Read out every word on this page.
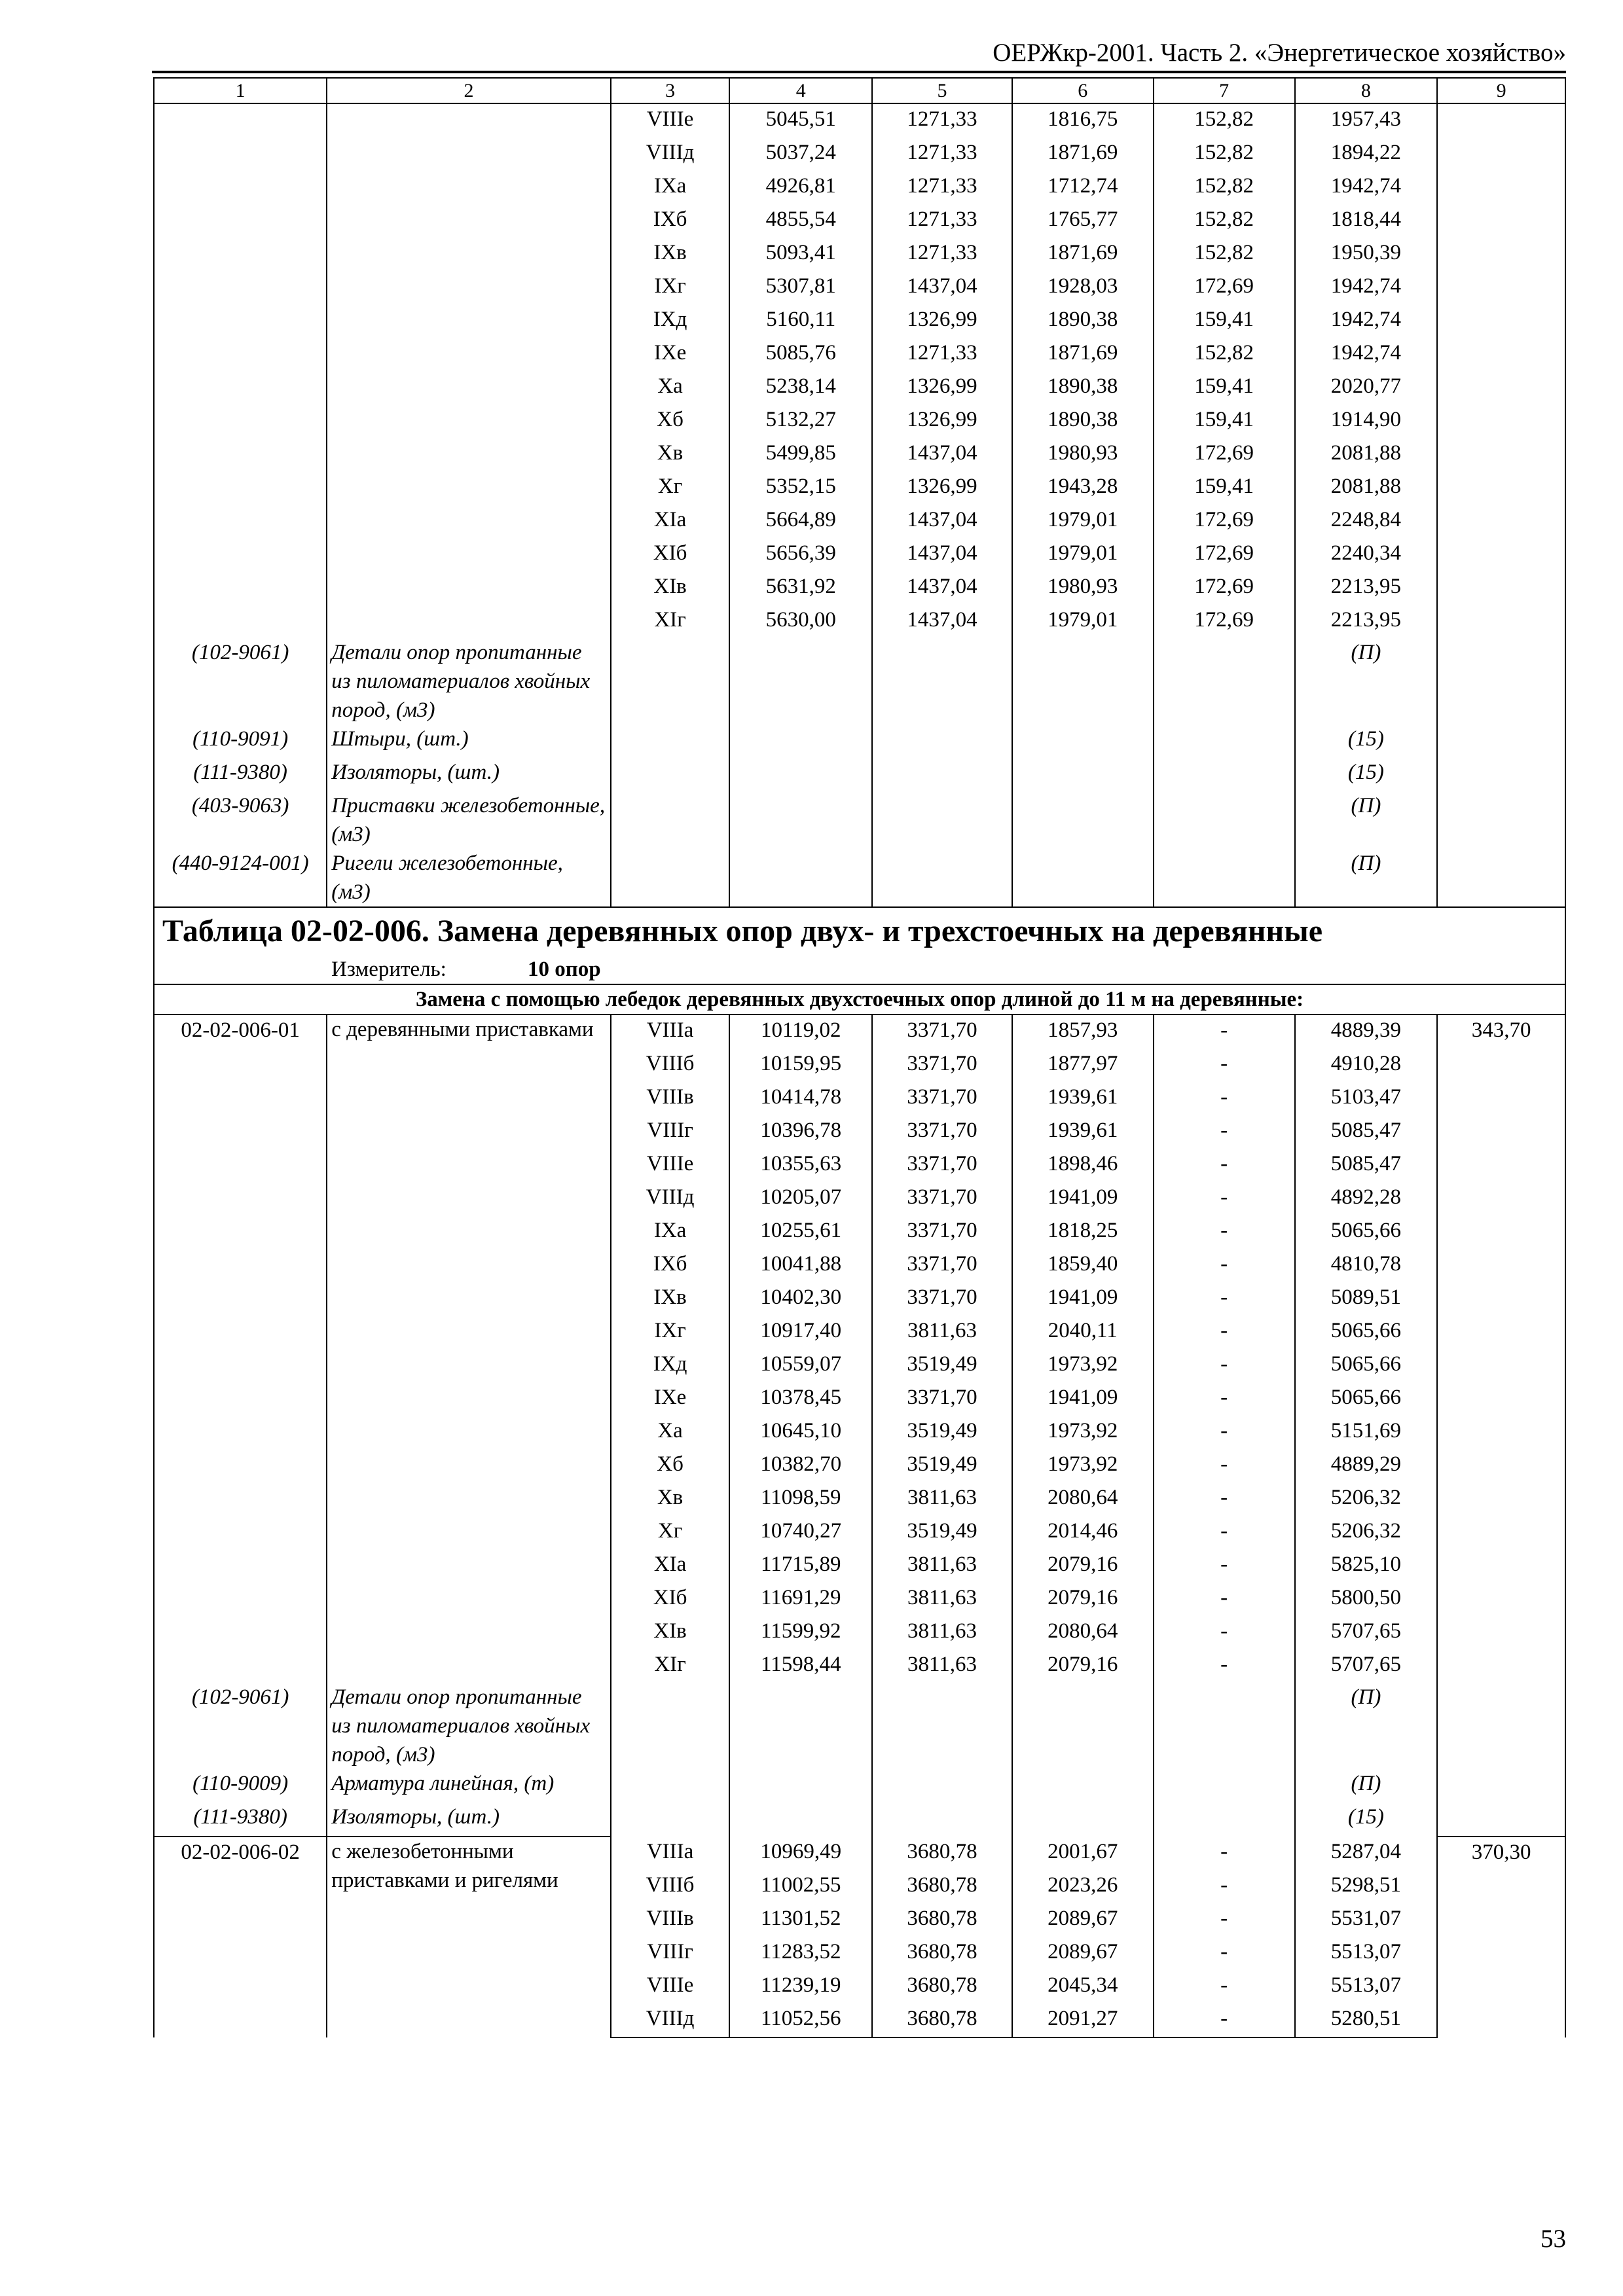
ОЕРЖкр-2001. Часть 2. «Энергетическое хозяйство»
1	2	3	4	5	6	7	8	9
		VIIIе	5045,51	1271,33	1816,75	152,82	1957,43	
		VIIIд	5037,24	1271,33	1871,69	152,82	1894,22	
		IXа	4926,81	1271,33	1712,74	152,82	1942,74	
		IXб	4855,54	1271,33	1765,77	152,82	1818,44	
		IXв	5093,41	1271,33	1871,69	152,82	1950,39	
		IXг	5307,81	1437,04	1928,03	172,69	1942,74	
		IXд	5160,11	1326,99	1890,38	159,41	1942,74	
		IXе	5085,76	1271,33	1871,69	152,82	1942,74	
		Xа	5238,14	1326,99	1890,38	159,41	2020,77	
		Xб	5132,27	1326,99	1890,38	159,41	1914,90	
		Xв	5499,85	1437,04	1980,93	172,69	2081,88	
		Xг	5352,15	1326,99	1943,28	159,41	2081,88	
		XIа	5664,89	1437,04	1979,01	172,69	2248,84	
		XIб	5656,39	1437,04	1979,01	172,69	2240,34	
		XIв	5631,92	1437,04	1980,93	172,69	2213,95	
		XIг	5630,00	1437,04	1979,01	172,69	2213,95	
(102-9061)	Детали опор пропитанные из пиломатериалов хвойных пород, (м3)						(П)	
(110-9091)	Штыри, (шт.)						(15)	
(111-9380)	Изоляторы, (шт.)						(15)	
(403-9063)	Приставки железобетонные, (м3)						(П)	
(440-9124-001)	Ригели железобетонные, (м3)						(П)	
Таблица 02-02-006. Замена деревянных опор двух- и трехстоечных на деревянные								
Измеритель: 10 опор								
Замена с помощью лебедок деревянных двухстоечных опор длиной до 11 м на деревянные:								
02-02-006-01	с деревянными приставками	VIIIа	10119,02	3371,70	1857,93	-	4889,39	343,70
		VIIIб	10159,95	3371,70	1877,97	-	4910,28	
		VIIIв	10414,78	3371,70	1939,61	-	5103,47	
		VIIIг	10396,78	3371,70	1939,61	-	5085,47	
		VIIIе	10355,63	3371,70	1898,46	-	5085,47	
		VIIIд	10205,07	3371,70	1941,09	-	4892,28	
		IXа	10255,61	3371,70	1818,25	-	5065,66	
		IXб	10041,88	3371,70	1859,40	-	4810,78	
		IXв	10402,30	3371,70	1941,09	-	5089,51	
		IXг	10917,40	3811,63	2040,11	-	5065,66	
		IXд	10559,07	3519,49	1973,92	-	5065,66	
		IXе	10378,45	3371,70	1941,09	-	5065,66	
		Xа	10645,10	3519,49	1973,92	-	5151,69	
		Xб	10382,70	3519,49	1973,92	-	4889,29	
		Xв	11098,59	3811,63	2080,64	-	5206,32	
		Xг	10740,27	3519,49	2014,46	-	5206,32	
		XIа	11715,89	3811,63	2079,16	-	5825,10	
		XIб	11691,29	3811,63	2079,16	-	5800,50	
		XIв	11599,92	3811,63	2080,64	-	5707,65	
		XIг	11598,44	3811,63	2079,16	-	5707,65	
(102-9061)	Детали опор пропитанные из пиломатериалов хвойных пород, (м3)						(П)	
(110-9009)	Арматура линейная, (т)						(П)	
(111-9380)	Изоляторы, (шт.)						(15)	
02-02-006-02	с железобетонными приставками и ригелями	VIIIа	10969,49	3680,78	2001,67	-	5287,04	370,30
		VIIIб	11002,55	3680,78	2023,26	-	5298,51	
		VIIIв	11301,52	3680,78	2089,67	-	5531,07	
		VIIIг	11283,52	3680,78	2089,67	-	5513,07	
		VIIIе	11239,19	3680,78	2045,34	-	5513,07	
		VIIIд	11052,56	3680,78	2091,27	-	5280,51	
53
